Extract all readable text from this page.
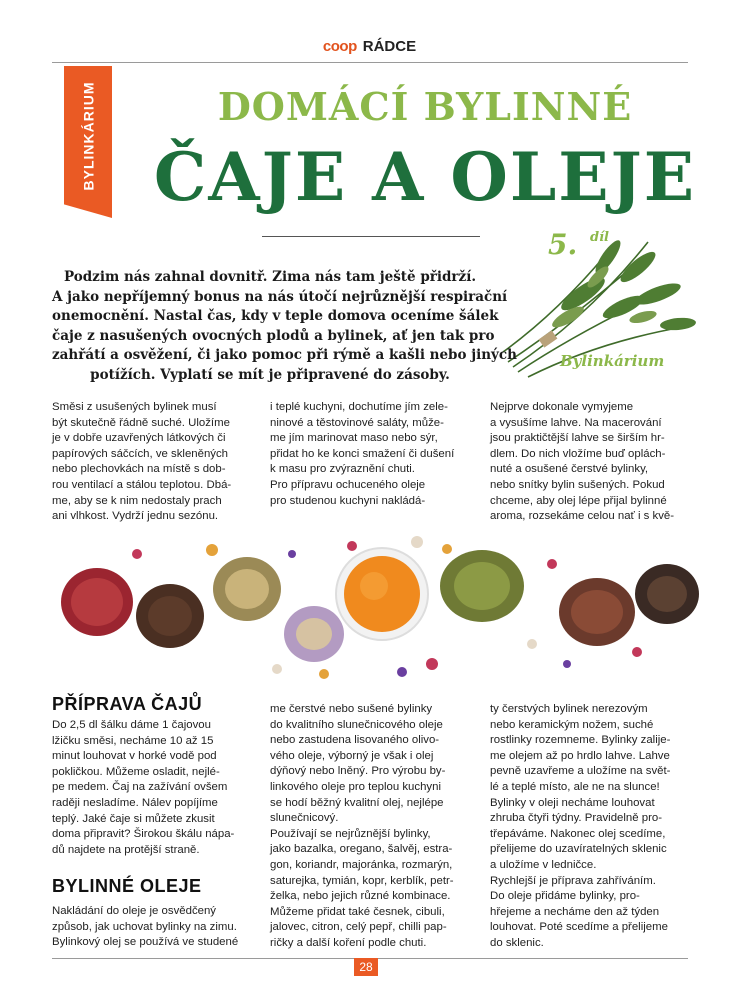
coop RÁDCE
BYLINKÁRIUM	DOMÁCÍ BYLINNÉ
ČAJE A OLEJE
5. díl
Bylinkárium
Podzim nás zahnal dovnitř. Zima nás tam ještě přidrží.
A jako nepříjemný bonus na nás útočí nejrůznější respirační
onemocnění. Nastal čas, kdy v teple domova oceníme šálek
čaje z nasušených ovocných plodů a bylinek, ať jen tak pro
zahřátí a osvěžení, či jako pomoc při rýmě a kašli nebo jiných
potížích. Vyplatí se mít je připravené do zásoby.
Směsi z usušených bylinek musí
být skutečně řádně suché. Uložíme
je v dobře uzavřených látkových či
papírových sáčcích, ve skleněných
nebo plechovkách na místě s dob-
rou ventilací a stálou teplotou. Dbá-
me, aby se k nim nedostaly prach
ani vlhkost. Vydrží jednu sezónu.
i teplé kuchyni, dochutíme jím zele-
ninové a těstovinové saláty, může-
me jím marinovat maso nebo sýr,
přidat ho ke konci smažení či dušení
k masu pro zvýraznění chuti.
Pro přípravu ochuceného oleje
pro studenou kuchyni nakládá-
Nejprve dokonale vymyjeme
a vysušíme lahve. Na macerování
jsou praktičtější lahve se širším hr-
dlem. Do nich vložíme buď oplách-
nuté a osušené čerstvé bylinky,
nebo snítky bylin sušených. Pokud
chceme, aby olej lépe přijal bylinné
aroma, rozsekáme celou nať i s kvě-
PŘÍPRAVA ČAJŮ
Do 2,5 dl šálku dáme 1 čajovou
lžičku směsi, necháme 10 až 15
minut louhovat v horké vodě pod
pokličkou. Můžeme osladit, nejlé-
pe medem. Čaj na zažívání ovšem
raději nesladíme. Nálev popíjíme
teplý. Jaké čaje si můžete zkusit
doma připravit? Širokou škálu nápa-
dů najdete na protější straně.
BYLINNÉ OLEJE
Nakládání do oleje je osvědčený
způsob, jak uchovat bylinky na zimu.
Bylinkový olej se používá ve studené
me čerstvé nebo sušené bylinky
do kvalitního slunečnicového oleje
nebo zastudena lisovaného olivo-
vého oleje, výborný je však i olej
dýňový nebo lněný. Pro výrobu by-
linkového oleje pro teplou kuchyni
se hodí běžný kvalitní olej, nejlépe
slunečnicový.
Používají se nejrůznější bylinky,
jako bazalka, oregano, šalvěj, estra-
gon, koriandr, majoránka, rozmarýn,
saturejka, tymián, kopr, kerblík, petr-
želka, nebo jejich různé kombinace.
Můžeme přidat také česnek, cibuli,
jalovec, citron, celý pepř, chilli pap-
ričky a další koření podle chuti.
ty čerstvých bylinek nerezovým
nebo keramickým nožem, suché
rostlinky rozemneme. Bylinky zalije-
me olejem až po hrdlo lahve. Lahve
pevně uzavřeme a uložíme na svět-
lé a teplé místo, ale ne na slunce!
Bylinky v oleji necháme louhovat
zhruba čtyři týdny. Pravidelně pro-
třepáváme. Nakonec olej scedíme,
přelijeme do uzavíratelných sklenic
a uložíme v ledničce.
Rychlejší je příprava zahříváním.
Do oleje přidáme bylinky, pro-
hřejeme a necháme den až týden
louhovat. Poté scedíme a přelijeme
do sklenic.
28
